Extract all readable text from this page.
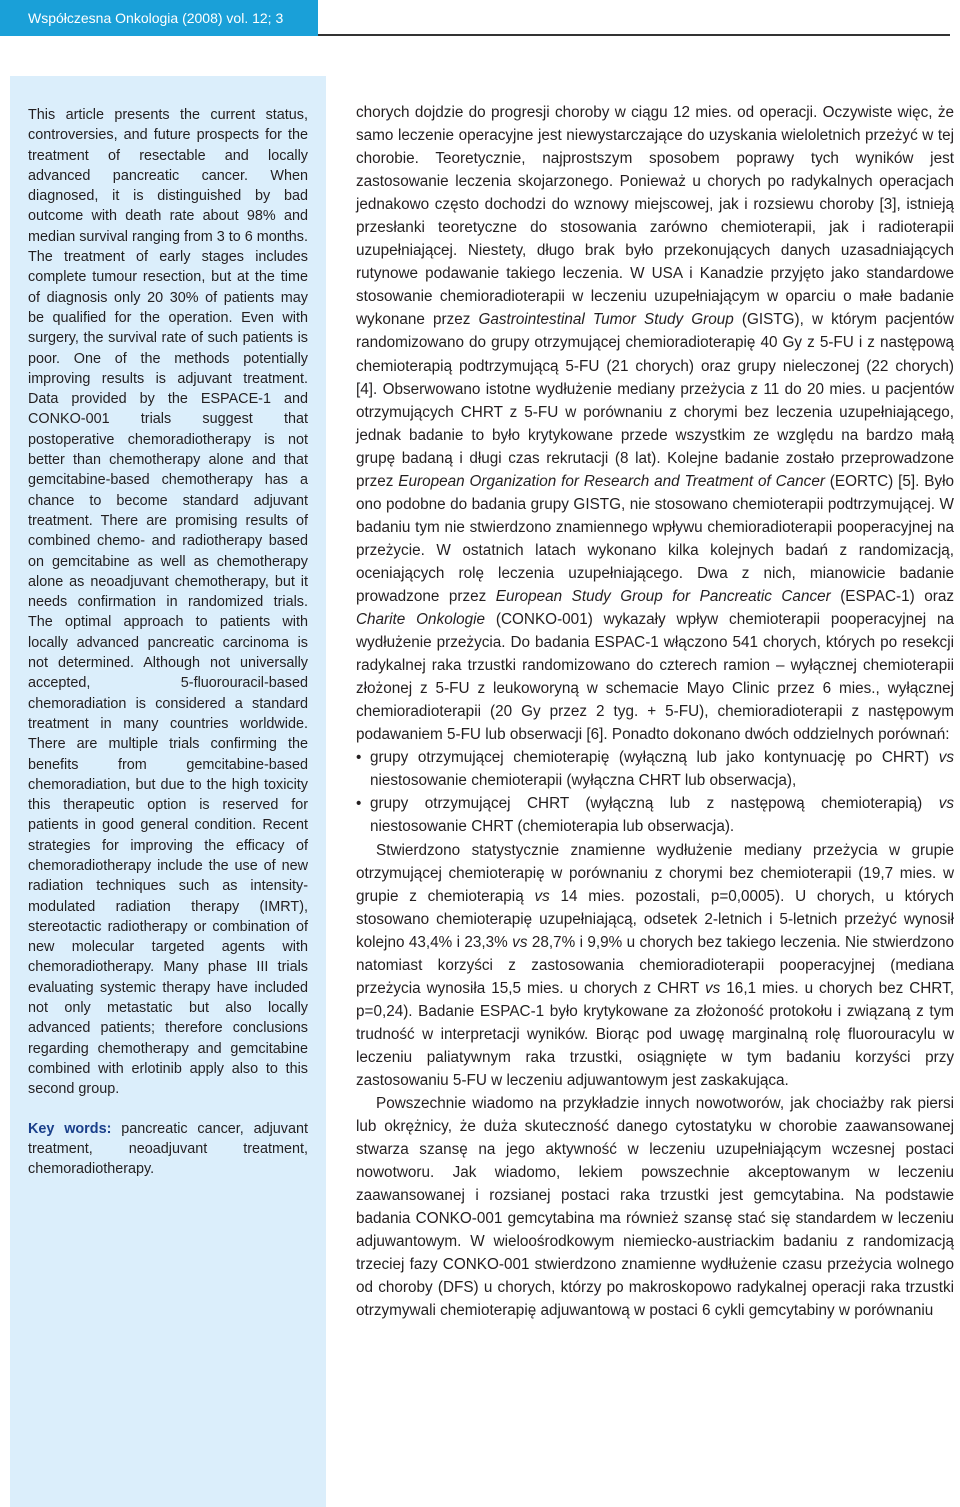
Współczesna Onkologia (2008) vol. 12; 3 (121–127)

This article presents the current status, controversies, and future prospects for the treatment of resectable and locally advanced pancreatic cancer. When diagnosed, it is distinguished by bad outcome with death rate about 98% and median survival ranging from 3 to 6 months. The treatment of early stages includes complete tumour resection, but at the time of diagnosis only 20 30% of patients may be qualified for the operation. Even with surgery, the survival rate of such patients is poor. One of the methods potentially improving results is adjuvant treatment. Data provided by the ESPACE-1 and CONKO-001 trials suggest that postoperative chemoradiotherapy is not better than chemotherapy alone and that gemcitabine-based chemotherapy has a chance to become standard adjuvant treatment. There are promising results of combined chemo- and radiotherapy based on gemcitabine as well as chemotherapy alone as neoadjuvant chemotherapy, but it needs confirmation in randomized trials. The optimal approach to patients with locally advanced pancreatic carcinoma is not determined. Although not universally accepted, 5-fluorouracil-based chemoradiation is considered a standard treatment in many countries worldwide. There are multiple trials confirming the benefits from gemcitabine-based chemoradiation, but due to the high toxicity this therapeutic option is reserved for patients in good general condition. Recent strategies for improving the efficacy of chemoradiotherapy include the use of new radiation techniques such as intensity-modulated radiation therapy (IMRT), stereotactic radiotherapy or combination of new molecular targeted agents with chemoradiotherapy. Many phase III trials evaluating systemic therapy have included not only metastatic but also locally advanced patients; therefore conclusions regarding chemotherapy and gemcitabine combined with erlotinib apply also to this second group.

Key words: pancreatic cancer, adjuvant treatment, neoadjuvant treatment, chemoradiotherapy.

chorych dojdzie do progresji choroby w ciągu 12 mies. od operacji. Oczywiste więc, że samo leczenie operacyjne jest niewystarczające do uzyskania wieloletnich przeżyć w tej chorobie. Teoretycznie, najprostszym sposobem poprawy tych wyników jest zastosowanie leczenia skojarzonego. Ponieważ u chorych po radykalnych operacjach jednakowo często dochodzi do wznowy miejscowej, jak i rozsiewu choroby [3], istnieją przesłanki teoretyczne do stosowania zarówno chemioterapii, jak i radioterapii uzupełniającej. Niestety, długo brak było przekonujących danych uzasadniających rutynowe podawanie takiego leczenia. W USA i Kanadzie przyjęto jako standardowe stosowanie chemioradioterapii w leczeniu uzupełniającym w oparciu o małe badanie wykonane przez Gastrointestinal Tumor Study Group (GISTG), w którym pacjentów randomizowano do grupy otrzymującej chemioradioterapię 40 Gy z 5-FU i z następową chemioterapią podtrzymującą 5-FU (21 chorych) oraz grupy nieleczonej (22 chorych) [4]. Obserwowano istotne wydłużenie mediany przeżycia z 11 do 20 mies. u pacjentów otrzymujących CHRT z 5-FU w porównaniu z chorymi bez leczenia uzupełniającego, jednak badanie to było krytykowane przede wszystkim ze względu na bardzo małą grupę badaną i długi czas rekrutacji (8 lat). Kolejne badanie zostało przeprowadzone przez European Organization for Research and Treatment of Cancer (EORTC) [5]. Było ono podobne do badania grupy GISTG, nie stosowano chemioterapii podtrzymującej. W badaniu tym nie stwierdzono znamiennego wpływu chemioradioterapii pooperacyjnej na przeżycie. W ostatnich latach wykonano kilka kolejnych badań z randomizacją, oceniających rolę leczenia uzupełniającego. Dwa z nich, mianowicie badanie prowadzone przez European Study Group for Pancreatic Cancer (ESPAC-1) oraz Charite Onkologie (CONKO-001) wykazały wpływ chemioterapii pooperacyjnej na wydłużenie przeżycia. Do badania ESPAC-1 włączono 541 chorych, których po resekcji radykalnej raka trzustki randomizowano do czterech ramion – wyłącznej chemioterapii złożonej z 5-FU z leukoworyną w schemacie Mayo Clinic przez 6 mies., wyłącznej chemioradioterapii (20 Gy przez 2 tyg. + 5-FU), chemioradioterapii z następowym podawaniem 5-FU lub obserwacji [6]. Ponadto dokonano dwóch oddzielnych porównań:

• grupy otrzymującej chemioterapię (wyłączną lub jako kontynuację po CHRT) vs niestosowanie chemioterapii (wyłączna CHRT lub obserwacja),
• grupy otrzymującej CHRT (wyłączną lub z następową chemioterapią) vs niestosowanie CHRT (chemioterapia lub obserwacja).

Stwierdzono statystycznie znamienne wydłużenie mediany przeżycia w grupie otrzymującej chemioterapię w porównaniu z chorymi bez chemioterapii (19,7 mies. w grupie z chemioterapią vs 14 mies. pozostali, p=0,0005). U chorych, u których stosowano chemioterapię uzupełniającą, odsetek 2-letnich i 5-letnich przeżyć wynosił kolejno 43,4% i 23,3% vs 28,7% i 9,9% u chorych bez takiego leczenia. Nie stwierdzono natomiast korzyści z zastosowania chemioradioterapii pooperacyjnej (mediana przeżycia wynosiła 15,5 mies. u chorych z CHRT vs 16,1 mies. u chorych bez CHRT, p=0,24). Badanie ESPAC-1 było krytykowane za złożoność protokołu i związaną z tym trudność w interpretacji wyników. Biorąc pod uwagę marginalną rolę fluorouracylu w leczeniu paliatywnym raka trzustki, osiągnięte w tym badaniu korzyści przy zastosowaniu 5-FU w leczeniu adjuwantowym jest zaskakująca.

Powszechnie wiadomo na przykładzie innych nowotworów, jak chociażby rak piersi lub okrężnicy, że duża skuteczność danego cytostatyku w chorobie zaawansowanej stwarza szansę na jego aktywność w leczeniu uzupełniającym wczesnej postaci nowotworu. Jak wiadomo, lekiem powszechnie akceptowanym w leczeniu zaawansowanej i rozsianej postaci raka trzustki jest gemcytabina. Na podstawie badania CONKO-001 gemcytabina ma również szansę stać się standardem w leczeniu adjuwantowym. W wieloośrodkowym niemiecko-austriackim badaniu z randomizacją trzeciej fazy CONKO-001 stwierdzono znamienne wydłużenie czasu przeżycia wolnego od choroby (DFS) u chorych, którzy po makroskopowo radykalnej operacji raka trzustki otrzymywali chemioterapię adjuwantową w postaci 6 cykli gemcytabiny w porównaniu
